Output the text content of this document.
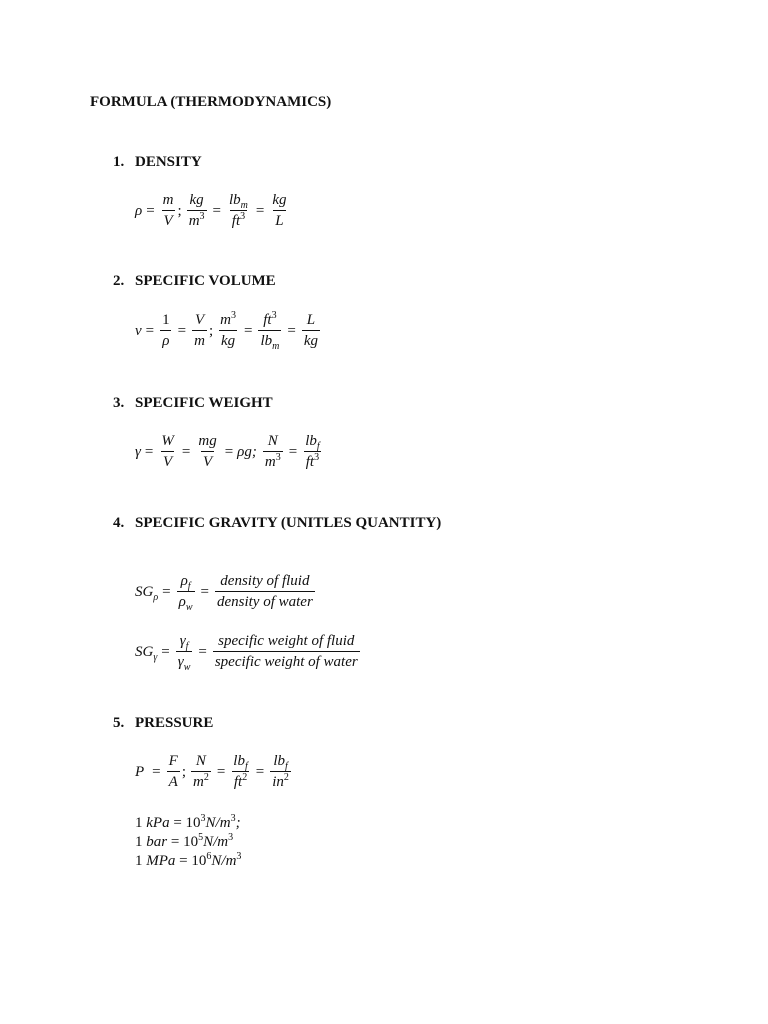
FORMULA (THERMODYNAMICS)
1. DENSITY
$\rho = \frac{m}{V}$ ; $\frac{kg}{m^3} = \frac{lb_m}{ft^3} = \frac{kg}{L}$
2. SPECIFIC VOLUME
$v = \frac{1}{\rho} = \frac{V}{m}$ ; $\frac{m^3}{kg} = \frac{ft^3}{lb_m} = \frac{L}{kg}$
3. SPECIFIC WEIGHT
$\gamma = \frac{W}{V} = \frac{mg}{V} = \rho g$; $\frac{N}{m^3} = \frac{lb_f}{ft^3}$
4. SPECIFIC GRAVITY (UNITLES QUANTITY)
$SG_\rho = \frac{\rho_f}{\rho_w} = \frac{\text{density of fluid}}{\text{density of water}}$
$SG_\gamma = \frac{\gamma_f}{\gamma_w} = \frac{\text{specific weight of fluid}}{\text{specific weight of water}}$
5. PRESSURE
$P = \frac{F}{A}$ ; $\frac{N}{m^2} = \frac{lb_f}{ft^2} = \frac{lb_f}{in^2}$
1 kPa = $10^3N/m^3$;
1 bar = $10^5N/m^3$
1 MPa = $10^6N/m^3$
